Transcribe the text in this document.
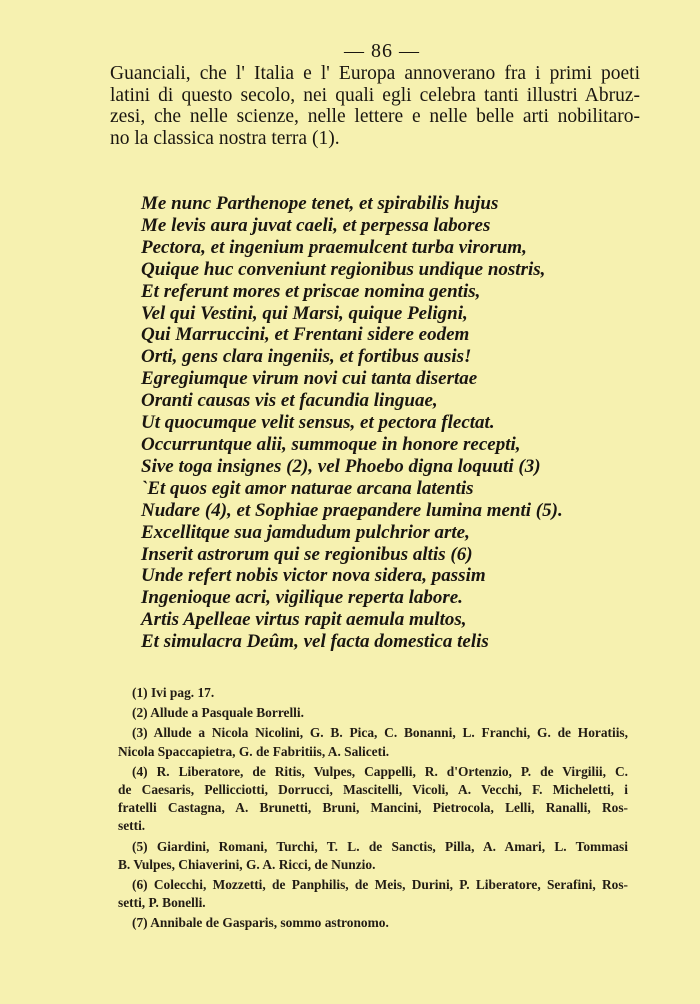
— 86 —

Guanciali, che l' Italia e l' Europa annoverano fra i primi poeti
latini di questo secolo, nei quali egli celebra tanti illustri Abruz-
zesi, che nelle scienze, nelle lettere e nelle belle arti nobilitaro-
no la classica nostra terra (1).

Me nunc Parthenope tenet, et spirabilis hujus
Me levis aura juvat caeli, et perpessa labores
Pectora, et ingenium praemulcent turba virorum,
Quique huc conveniunt regionibus undique nostris,
Et referunt mores et priscae nomina gentis,
Vel qui Vestini, qui Marsi, quique Peligni,
Qui Marruccini, et Frentani sidere eodem
Orti, gens clara ingeniis, et fortibus ausis!
Egregiumque virum novi cui tanta disertae
Oranti causas vis et facundia linguae,
Ut quocumque velit sensus, et pectora flectat.
Occurruntque alii, summoque in honore recepti,
Sive toga insignes (2), vel Phoebo digna loquuti (3)
`Et quos egit amor naturae arcana latentis
Nudare (4), et Sophiae praepandere lumina menti (5).
Excellitque sua jamdudum pulchrior arte,
Inserit astrorum qui se regionibus altis (6)
Unde refert nobis victor nova sidera, passim
Ingenioque acri, vigilique reperta labore.
Artis Apelleae virtus rapit aemula multos,
Et simulacra Deûm, vel facta domestica telis
(1) Ivi pag. 17.
(2) Allude a Pasquale Borrelli.
(3) Allude a Nicola Nicolini, G. B. Pica, C. Bonanni, L. Franchi, G. de Horatiis,
Nicola Spaccapietra, G. de Fabritiis, A. Saliceti.
(4) R. Liberatore, de Ritis, Vulpes, Cappelli, R. d'Ortenzio, P. de Virgilii, C.
de Caesaris, Pellicciotti, Dorrucci, Mascitelli, Vicoli, A. Vecchi, F. Micheletti, i
fratelli Castagna, A. Brunetti, Bruni, Mancini, Pietrocola, Lelli, Ranalli, Ros-
setti.
(5) Giardini, Romani, Turchi, T. L. de Sanctis, Pilla, A. Amari, L. Tommasi
B. Vulpes, Chiaverini, G. A. Ricci, de Nunzio.
(6) Colecchi, Mozzetti, de Panphilis, de Meis, Durini, P. Liberatore, Serafini, Ros-
setti, P. Bonelli.
(7) Annibale de Gasparis, sommo astronomo.
